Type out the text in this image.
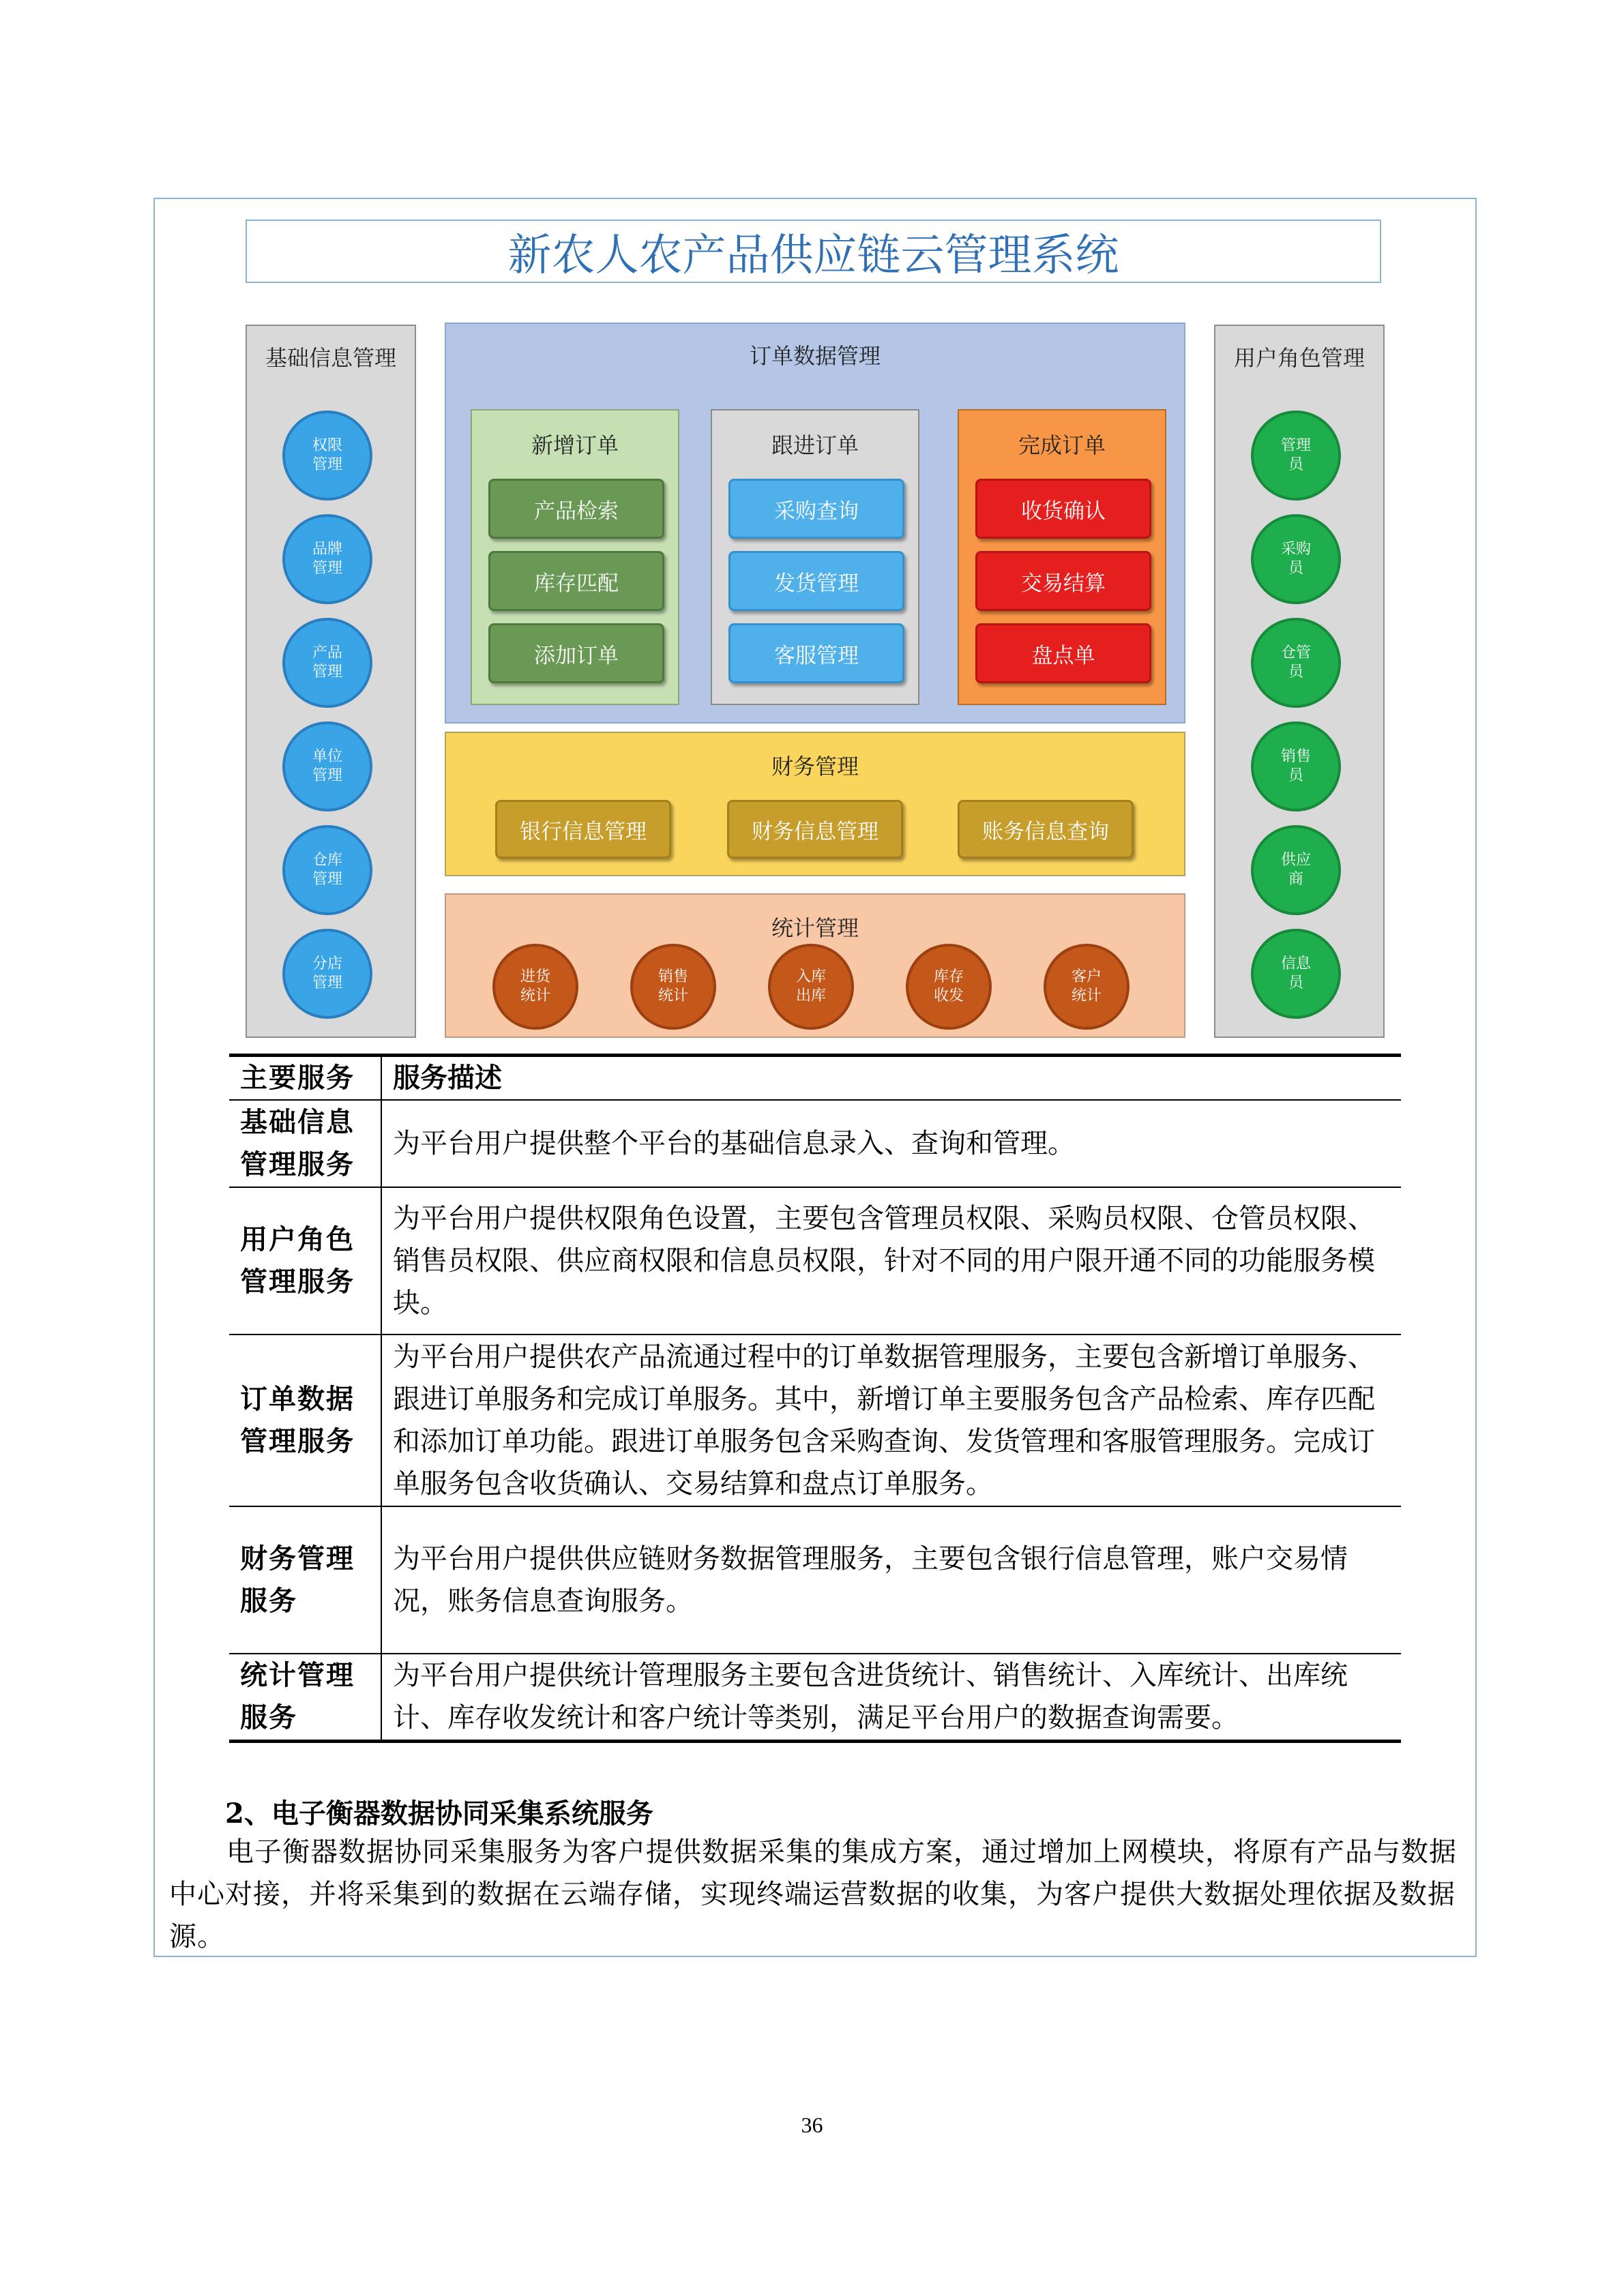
新农人农产品供应链云管理系统
基础信息管理
权限
管理
品牌
管理
产品
管理
单位
管理
仓库
管理
分店
管理
用户角色管理
管理
员
采购
员
仓管
员
销售
员
供应
商
信息
员
订单数据管理
新增订单
产品检索
库存匹配
添加订单
跟进订单
采购查询
发货管理
客服管理
完成订单
收货确认
交易结算
盘点单
财务管理
银行信息管理	财务信息管理	账务信息查询
统计管理
进货
统计
销售
统计
入库
出库
库存
收发
客户
统计
主要服务	服务描述
基础信息管理服务	为平台用户提供整个平台的基础信息录入、查询和管理。
用户角色管理服务	为平台用户提供权限角色设置，主要包含管理员权限、采购员权限、仓管员权限、销售员权限、供应商权限和信息员权限，针对不同的用户限开通不同的功能服务模块。
订单数据管理服务	为平台用户提供农产品流通过程中的订单数据管理服务，主要包含新增订单服务、跟进订单服务和完成订单服务。其中，新增订单主要服务包含产品检索、库存匹配和添加订单功能。跟进订单服务包含采购查询、发货管理和客服管理服务。完成订单服务包含收货确认、交易结算和盘点订单服务。
财务管理服务	为平台用户提供供应链财务数据管理服务，主要包含银行信息管理，账户交易情况，账务信息查询服务。
统计管理服务	为平台用户提供统计管理服务主要包含进货统计、销售统计、入库统计、出库统计、库存收发统计和客户统计等类别，满足平台用户的数据查询需要。
2、电子衡器数据协同采集系统服务
电子衡器数据协同采集服务为客户提供数据采集的集成方案，通过增加上网模块，将原有产品与数据中心对接，并将采集到的数据在云端存储，实现终端运营数据的收集，为客户提供大数据处理依据及数据源。
36
